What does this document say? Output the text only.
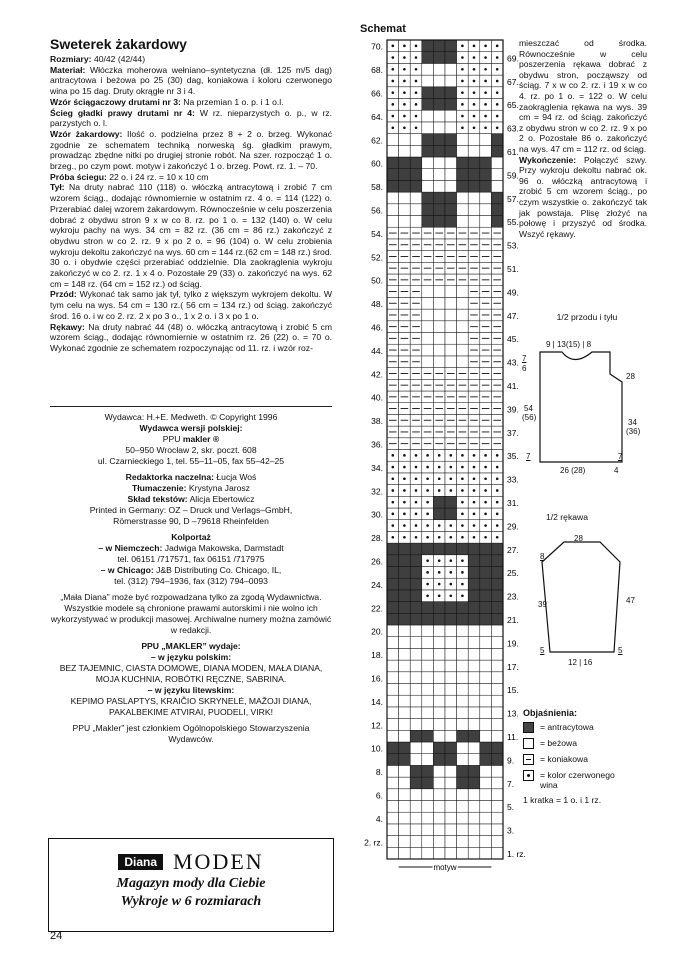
Sweterek żakardowy

Rozmiary: 40/42 (42/44)

Materiał: Włóczka moherowa wełniano–syntetyczna (dł. 125 m/5 dag) antracytowa i beżowa po 25 (30) dag, koniakowa i koloru czerwonego wina po 15 dag. Druty okrągłe nr 3 i 4.

Wzór ściągaczowy drutami nr 3: Na przemian 1 o. p. i 1 o.l.

Ścieg gładki prawy drutami nr 4: W rz. nieparzystych o. p., w rz. parzystych o. l.

Wzór żakardowy: Ilość o. podzielna przez 8 + 2 o. brzeg. Wykonać zgodnie ze schematem techniką norweską śg. gładkim prawym, prowadząc zbędne nitki po drugiej stronie robót. Na szer. rozpocząć 1 o. brzeg., po czym powt. motyw i zakończyć 1 o. brzeg. Powt. rz. 1. – 70.

Próba ściegu: 22 o. i 24 rz. = 10 x 10 cm

Tył: Na druty nabrać 110 (118) o. włóczką antracytową i zrobić 7 cm wzorem ściąg., dodając równomiernie w ostatnim rz. 4 o. = 114 (122) o. Przerabiać dalej wzorem żakardowym. Równocześnie w celu poszerzenia dobrać z obydwu stron 9 x w co 8. rz. po 1 o. = 132 (140) o. W celu wykroju pachy na wys. 34 cm = 82 rz. (36 cm = 86 rz.) zakończyć z obydwu stron w co 2. rz. 9 x po 2 o. = 96 (104) o. W celu zrobienia wykroju dekoltu zakończyć na wys. 60 cm = 144 rz.(62 cm = 148 rz.) środ. 30 o. i obydwie części przerabiać oddzielnie. Dla zaokrąglenia wykroju zakończyć w co 2. rz. 1 x 4 o. Pozostałe 29 (33) o. zakończyć na wys. 62 cm = 148 rz. (64 cm = 152 rz.) od ściąg.

Przód: Wykonać tak samo jak tył, tylko z większym wykrojem dekoltu. W tym celu na wys. 54 cm = 130 rz.( 56 cm = 134 rz.) od ściąg. zakończyć środ. 16 o. i w co 2. rz. 2 x po 3 o., 1 x 2 o. i 3 x po 1 o.

Rękawy: Na druty nabrać 44 (48) o. włóczką antracytową i zrobić 5 cm wzorem ściąg., dodając równomiernie w ostatnim rz. 26 (22) o. = 70 o. Wykonać zgodnie ze schematem rozpoczynając od 11. rz. i wzór roz-

Wydawca: H.+E. Medweth. © Copyright 1996
Wydawca wersji polskiej:
PPU makler ®
50–950 Wrocław 2, skr. poczt. 608
ul. Czarnieckiego 1, tel. 55–11–05, fax 55–42–25
Redaktorka naczelna: Łucja Woś
Tłumaczenie: Krystyna Jarosz
Skład tekstów: Alicja Ebertowicz
Printed in Germany: OZ – Druck und Verlags–GmbH,
Römerstrasse 90, D –79618 Rheinfelden
Kolportaż
– w Niemczech: Jadwiga Makowska, Darmstadt
tel. 06151 /717571, fax 06151 /717975
– w Chicago: J&B Distributing Co. Chicago, IL,
tel. (312) 794–1936, fax (312) 794–0093
„Mała Diana” może być rozpowadzana tylko za zgodą Wydawnictwa. Wszystkie modele są chronione prawami autorskimi i nie wolno ich wykorzystywać w produkcji masowej. Archiwalne numery można zamówić w redakcji.
PPU „MAKLER” wydaje:
– w języku polskim:
BEZ TAJEMNIC, CIASTA DOMOWE, DIANA MODEN, MAŁA DIANA, MOJA KUCHNIA, ROBÓTKI RĘCZNE, SABRINA.
– w języku litewskim:
KEPIMO PASLAPTYS, KRAIČIO SKRYNELĖ, MAŽOJI DIANA, PAKALBEKIME ATVIRAI, PUODELI, VIRK!
PPU „Makler” jest członkiem Ogólnopolskiego Stowarzyszenia Wydawców.
Diana MODEN
Magazyn mody dla Ciebie
Wykroje w 6 rozmiarach
24
Schemat
70.
68.
66.
64.
62.
60.
58.
56.
54.
52.
50.
48.
46.
44.
42.
40.
38.
36.
34.
32.
30.
28.
26.
24.
22.
20.
18.
16.
14.
12.
10.
8.
6.
4.
2. rz.
69.
67.
65.
63.
61.
59.
57.
55.
53.
51.
49.
47.
45.
43.
41.
39.
37.
35.
33.
31.
29.
27.
25.
23.
21.
19.
17.
15.
13.
11.
9.
7.
5.
3.
1. rz.
motyw

mieszczać od środka. Równocześnie w celu poszerzenia rękawa dobrać z obydwu stron, począwszy od ściąg. 7 x w co 2. rz. i 19 x w co 4. rz. po 1 o. = 122 o. W celu zaokrąglenia rękawa na wys. 39 cm = 94 rz. od ściąg. zakończyć z obydwu stron w co 2. rz. 9 x po 2 o. Pozostałe 86 o. zakończyć na wys. 47 cm = 112 rz. od ściąg.

Wykończenie: Połączyć szwy. Przy wykroju dekoltu nabrać ok. 96 o. włóczką antracytową i zrobić 5 cm wzorem ściąg., po czym wszystkie o. zakończyć tak jak powstaja. Plisę złożyć na połowę i przyszyć od środka. Wszyć rękawy.

1/2 przodu i tyłu
9 | 13(15) | 8
7
6
28
54
(56)
34
(36)
7
26 (28)
7
4
1/2 rękawa
28
8
47
39
5
12 | 16
5
Objaśnienia:
= antracytowa
= beżowa
= koniakowa
= kolor czerwonego wina
1 kratka = 1 o. i 1 rz.
